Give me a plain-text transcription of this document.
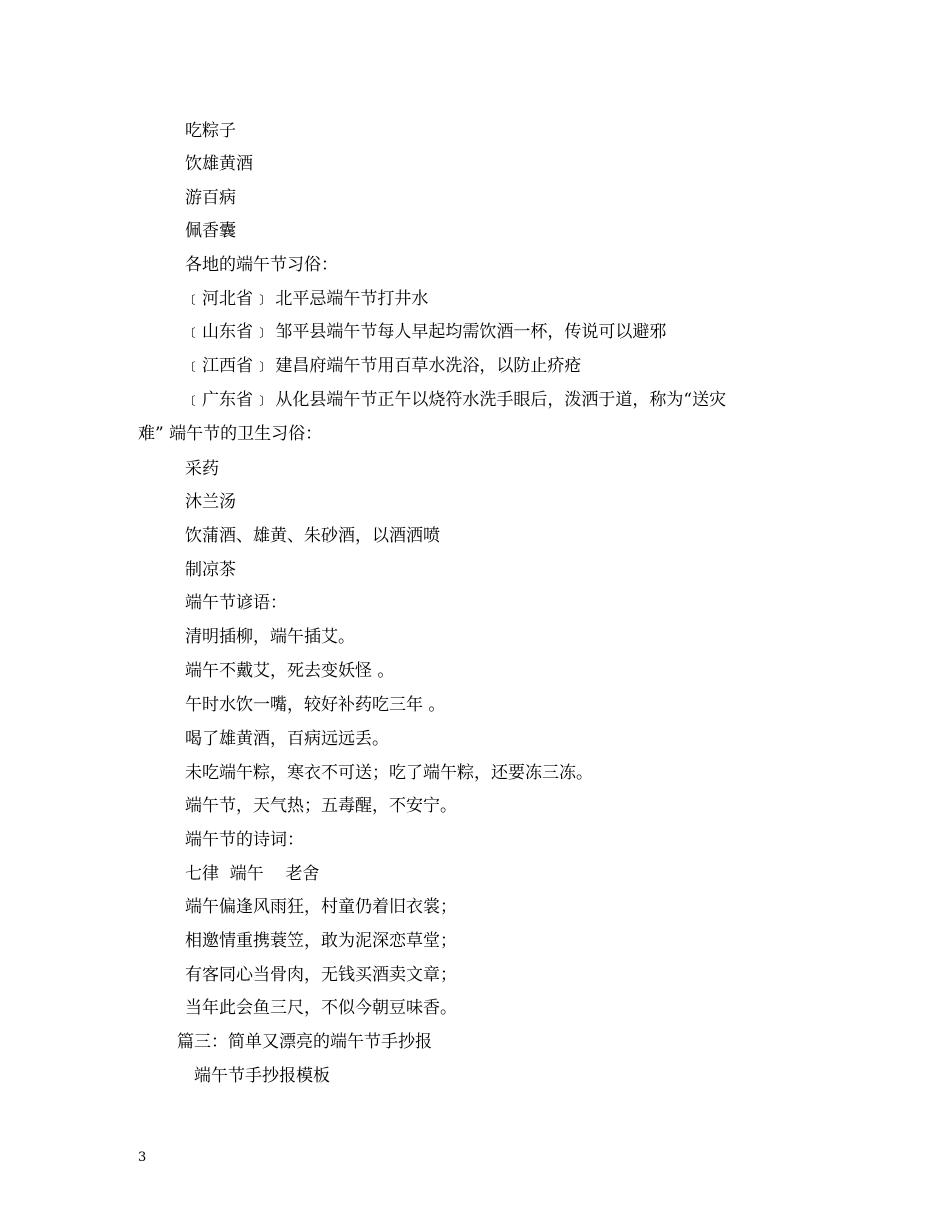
吃粽子
饮雄黄酒
游百病
佩香囊
各地的端午节习俗：
﹝河北省﹞ 北平忌端午节打井水
﹝山东省﹞ 邹平县端午节每人早起均需饮酒一杯，传说可以避邪
﹝江西省﹞ 建昌府端午节用百草水洗浴，以防止疥疮
﹝广东省﹞ 从化县端午节正午以烧符水洗手眼后，泼洒于道，称为“送灾
难” 端午节的卫生习俗：
采药
沐兰汤
饮蒲酒、雄黄、朱砂酒，以酒洒喷
制凉茶
端午节谚语：
清明插柳，端午插艾。
端午不戴艾，死去变妖怪 。
午时水饮一嘴，较好补药吃三年 。
喝了雄黄酒，百病远远丢。
未吃端午粽，寒衣不可送；吃了端午粽，还要冻三冻。
端午节，天气热；五毒醒，不安宁。
端午节的诗词：
七律  端午    老舍
端午偏逢风雨狂，村童仍着旧衣裳；
相邀情重携蓑笠，敢为泥深恋草堂；
有客同心当骨肉，无钱买酒卖文章；
当年此会鱼三尺，不似今朝豆味香。
篇三：简单又漂亮的端午节手抄报
端午节手抄报模板
3
